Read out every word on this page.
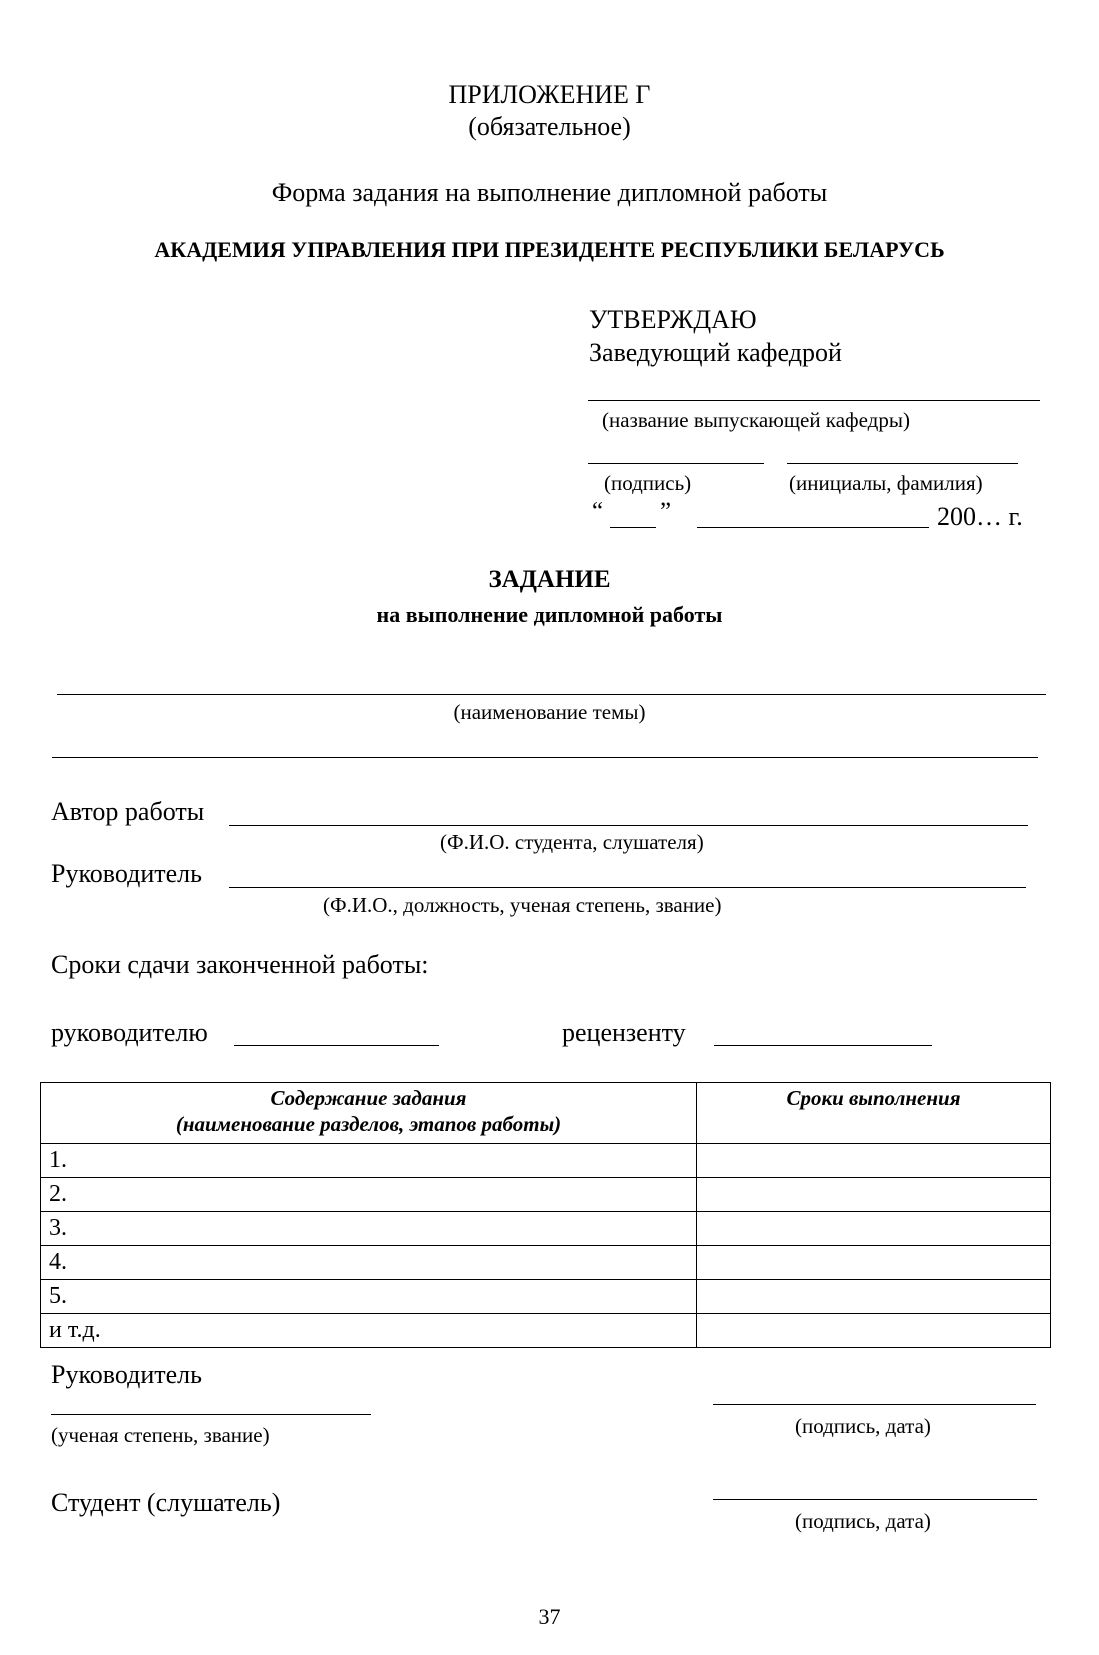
ПРИЛОЖЕНИЕ Г
(обязательное)
Форма задания на выполнение дипломной работы
АКАДЕМИЯ УПРАВЛЕНИЯ ПРИ ПРЕЗИДЕНТЕ РЕСПУБЛИКИ БЕЛАРУСЬ
УТВЕРЖДАЮ
Заведующий кафедрой
(название выпускающей кафедры)
(подпись)	(инициалы, фамилия)
“ ”	200… г.
ЗАДАНИЕ
на выполнение дипломной работы
(наименование темы)
Автор работы
(Ф.И.О. студента, слушателя)
Руководитель
(Ф.И.О., должность, ученая степень, звание)
Сроки сдачи законченной работы:
руководителю	рецензенту
Содержание задания
(наименование разделов, этапов работы)	Сроки выполнения
1.	
2.	
3.	
4.	
5.	
и т.д.	
Руководитель
(ученая степень, звание)	(подпись, дата)
Студент (слушатель)
(подпись, дата)
37
